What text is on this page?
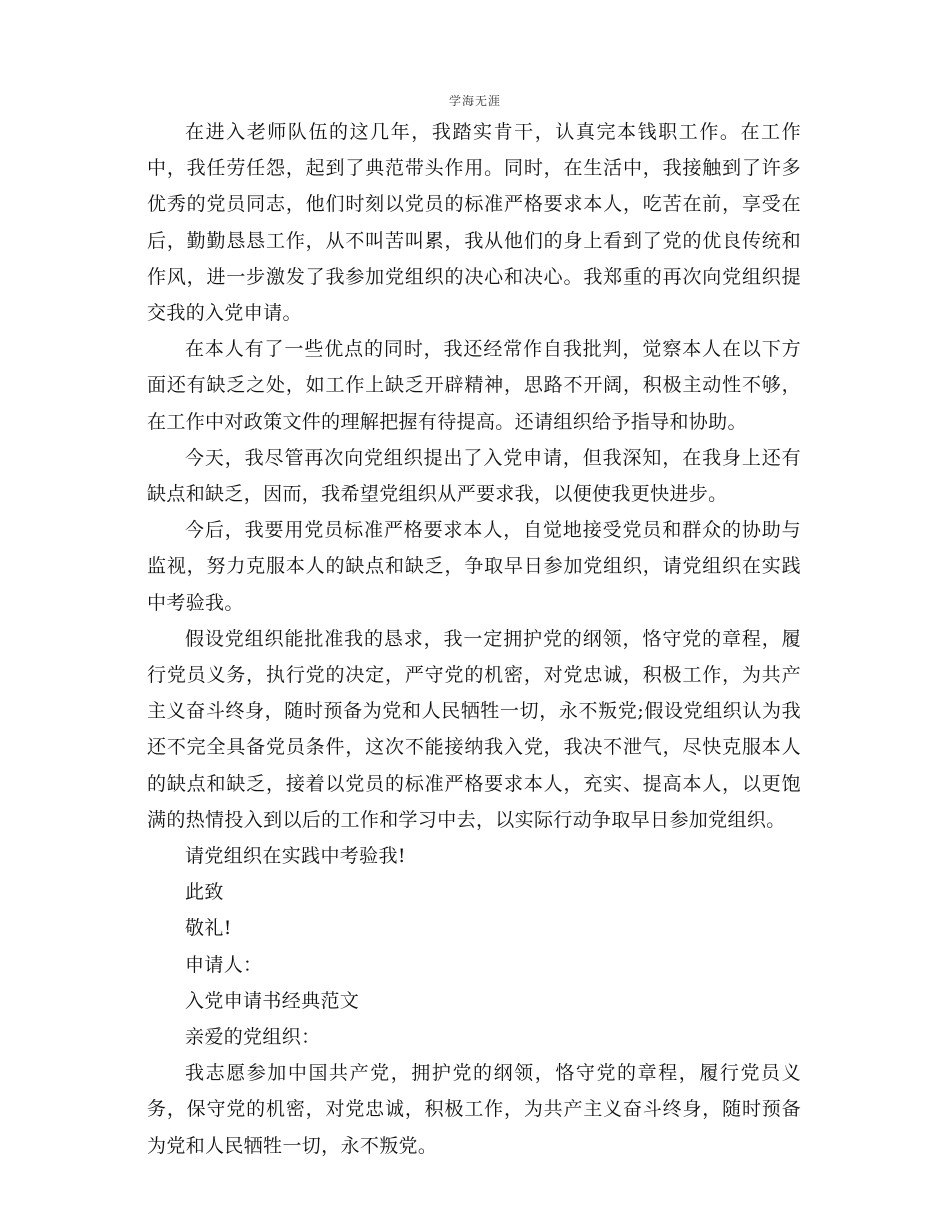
学海无涯

在进入老师队伍的这几年，我踏实肯干，认真完本钱职工作。在工作中，我任劳任怨，起到了典范带头作用。同时，在生活中，我接触到了许多优秀的党员同志，他们时刻以党员的标准严格要求本人，吃苦在前，享受在后，勤勤恳恳工作，从不叫苦叫累，我从他们的身上看到了党的优良传统和作风，进一步激发了我参加党组织的决心和决心。我郑重的再次向党组织提交我的入党申请。

在本人有了一些优点的同时，我还经常作自我批判，觉察本人在以下方面还有缺乏之处，如工作上缺乏开辟精神，思路不开阔，积极主动性不够，在工作中对政策文件的理解把握有待提高。还请组织给予指导和协助。

今天，我尽管再次向党组织提出了入党申请，但我深知，在我身上还有缺点和缺乏，因而，我希望党组织从严要求我，以便使我更快进步。

今后，我要用党员标准严格要求本人，自觉地接受党员和群众的协助与监视，努力克服本人的缺点和缺乏，争取早日参加党组织，请党组织在实践中考验我。

假设党组织能批准我的恳求，我一定拥护党的纲领，恪守党的章程，履行党员义务，执行党的决定，严守党的机密，对党忠诚，积极工作，为共产主义奋斗终身，随时预备为党和人民牺牲一切，永不叛党;假设党组织认为我还不完全具备党员条件，这次不能接纳我入党，我决不泄气，尽快克服本人的缺点和缺乏，接着以党员的标准严格要求本人，充实、提高本人，以更饱满的热情投入到以后的工作和学习中去，以实际行动争取早日参加党组织。

请党组织在实践中考验我!

此致

敬礼!

申请人：

入党申请书经典范文

亲爱的党组织：

我志愿参加中国共产党，拥护党的纲领，恪守党的章程，履行党员义务，保守党的机密，对党忠诚，积极工作，为共产主义奋斗终身，随时预备为党和人民牺牲一切，永不叛党。
